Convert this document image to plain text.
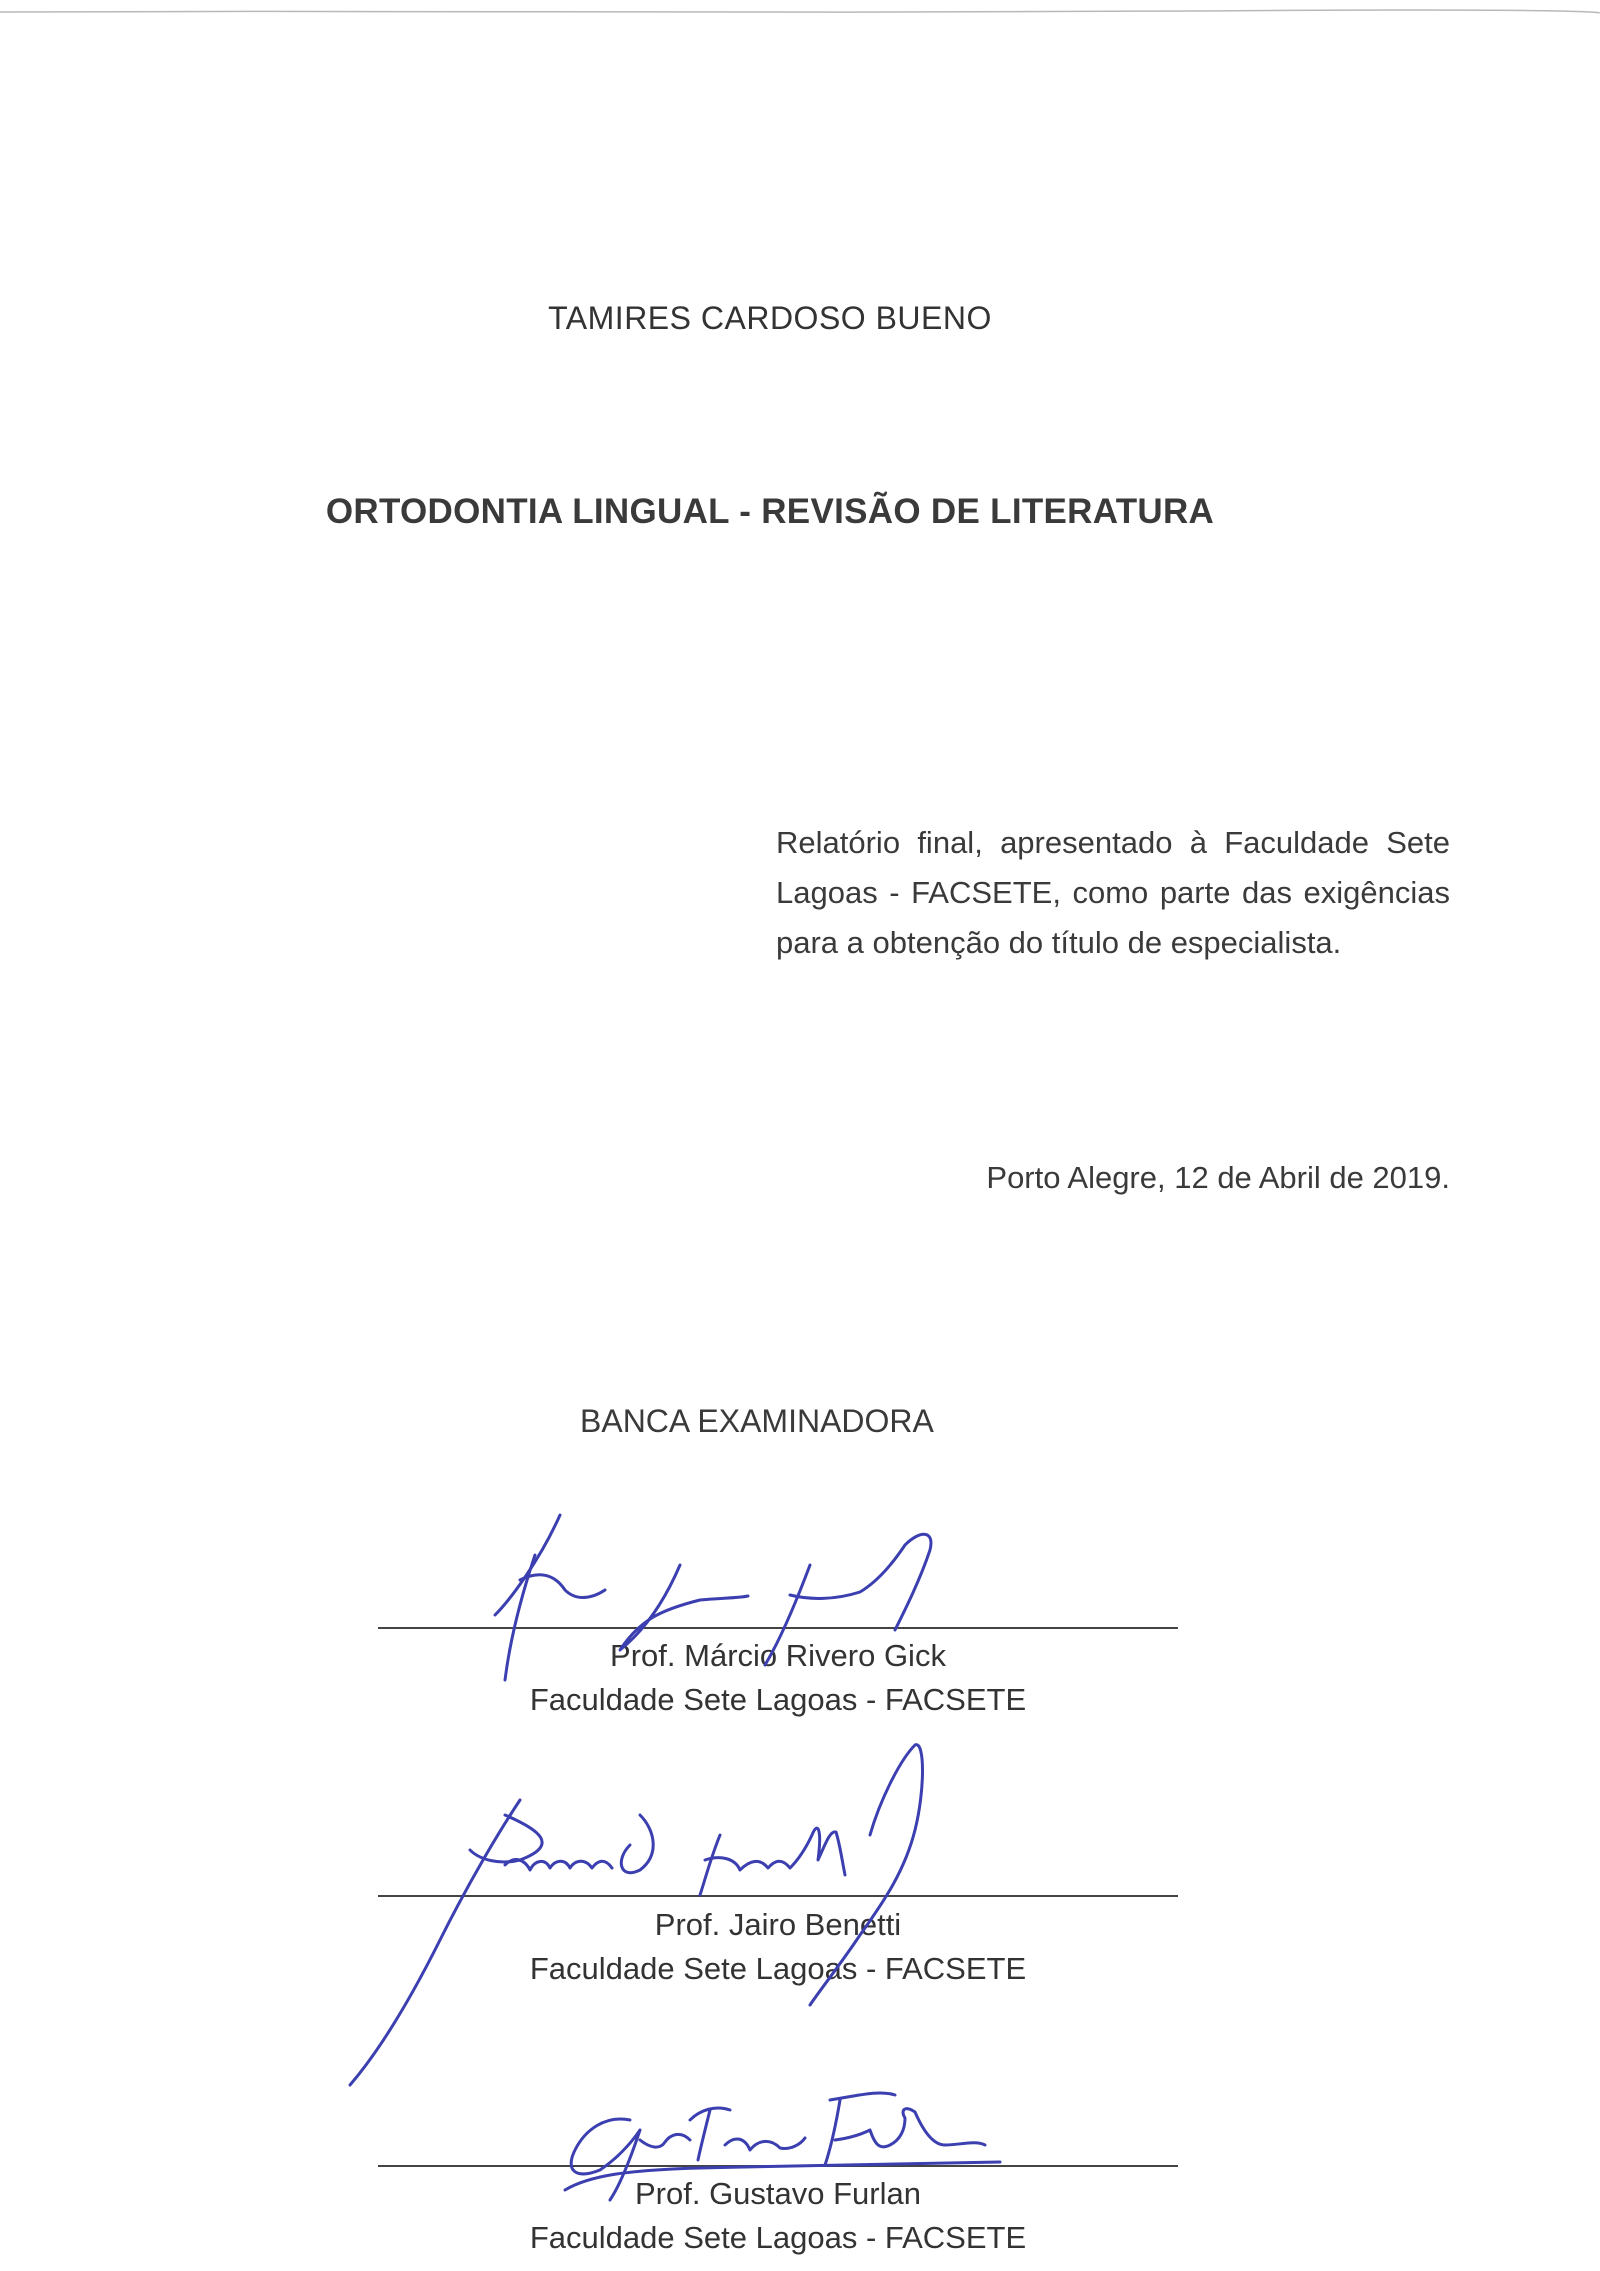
TAMIRES CARDOSO BUENO
ORTODONTIA LINGUAL - REVISÃO DE LITERATURA
Relatório final, apresentado à Faculdade Sete Lagoas - FACSETE, como parte das exigências para a obtenção do título de especialista.
Porto Alegre, 12 de Abril de 2019.
BANCA EXAMINADORA
Prof. Márcio Rivero Gick
Faculdade Sete Lagoas - FACSETE
Prof. Jairo Benetti
Faculdade Sete Lagoas - FACSETE
Prof. Gustavo Furlan
Faculdade Sete Lagoas - FACSETE
